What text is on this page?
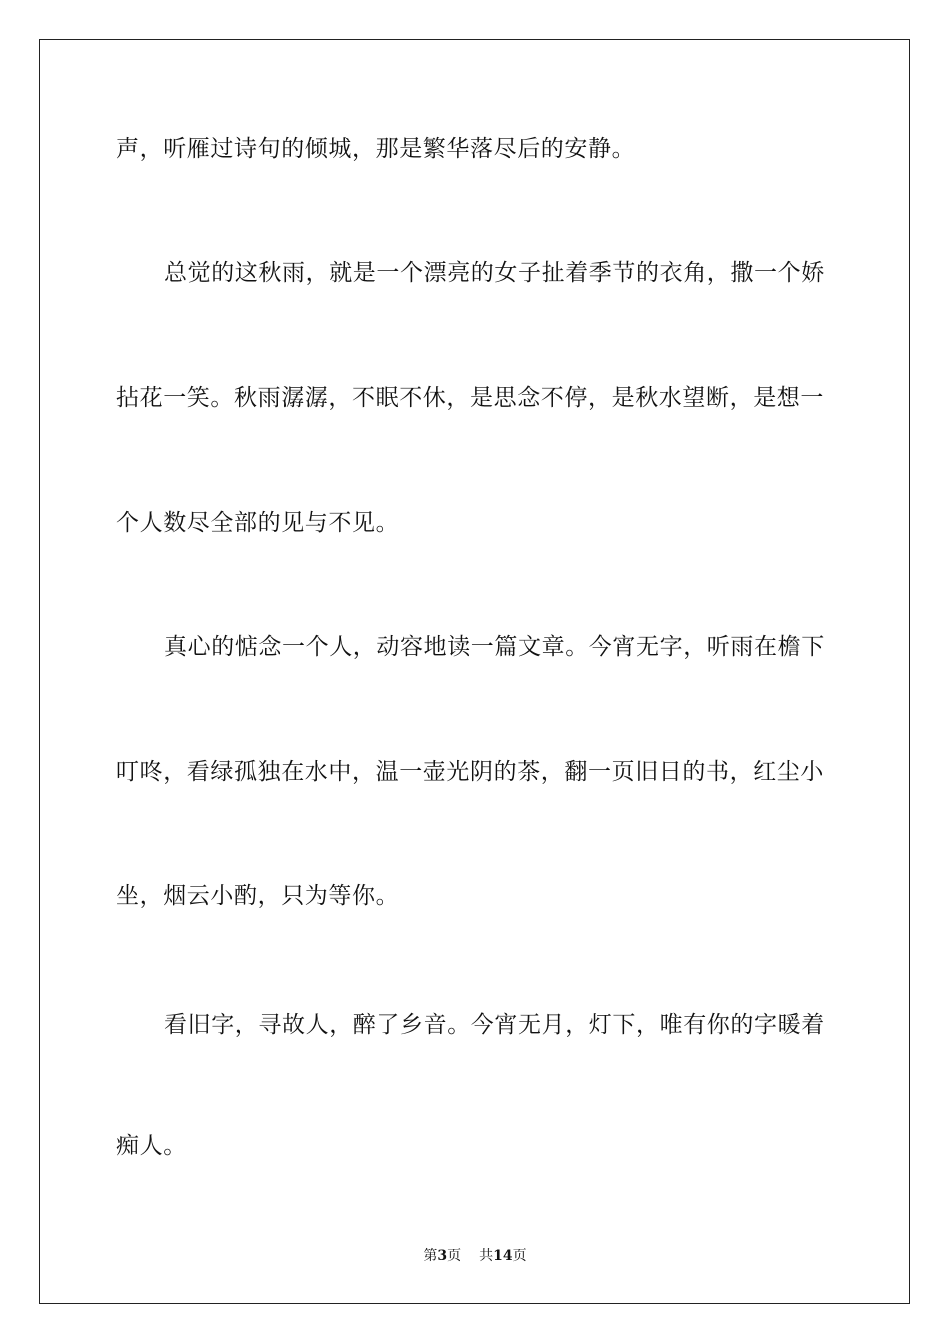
声，听雁过诗句的倾城，那是繁华落尽后的安静。
总觉的这秋雨，就是一个漂亮的女子扯着季节的衣角，撒一个娇
拈花一笑。秋雨潺潺，不眠不休，是思念不停，是秋水望断，是想一
个人数尽全部的见与不见。
真心的惦念一个人，动容地读一篇文章。今宵无字，听雨在檐下
叮咚，看绿孤独在水中，温一壶光阴的茶，翻一页旧日的书，红尘小
坐，烟云小酌，只为等你。
看旧字，寻故人，醉了乡音。今宵无月，灯下，唯有你的字暖着
痴人。
第3页 共14页
